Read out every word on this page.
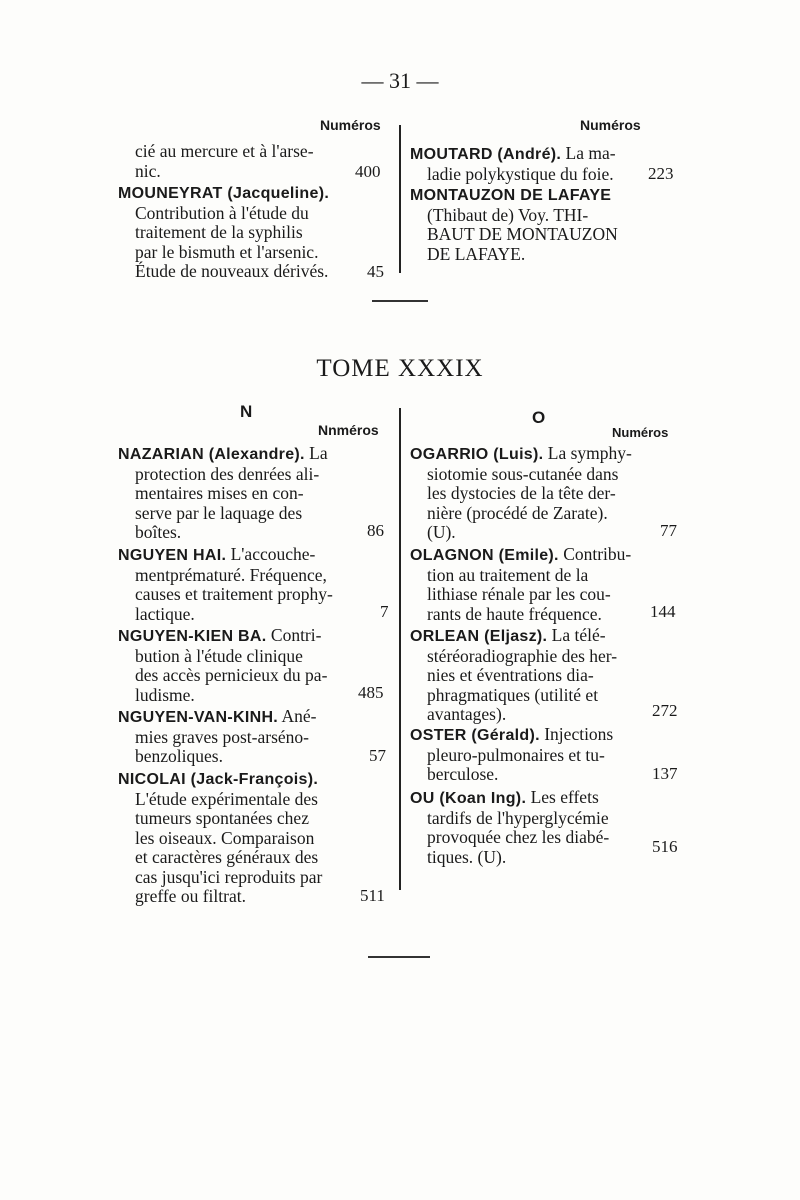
— 31 —
Numéros	Numéros
cié au mercure et à l'arse-
nic.	400
MOUNEYRAT (Jacqueline).
Contribution à l'étude du
traitement de la syphilis
par le bismuth et l'arsenic.
Étude de nouveaux dérivés. 45
MOUTARD (André). La ma-
ladie polykystique du foie. 223
MONTAUZON DE LAFAYE
(Thibaut de) Voy. THI-
BAUT DE MONTAUZON
DE LAFAYE.
TOME XXXIX
N
Nnméros
NAZARIAN (Alexandre). La
protection des denrées ali-
mentaires mises en con-
serve par le laquage des
boîtes.	86
NGUYEN HAI. L'accouche-
mentprématuré. Fréquence,
causes et traitement prophy-
lactique.	7
NGUYEN-KIEN BA. Contri-
bution à l'étude clinique
des accès pernicieux du pa-
ludisme.	485
NGUYEN-VAN-KINH. Ané-
mies graves post-arséno-
benzoliques.	57
NICOLAI (Jack-François).
L'étude expérimentale des
tumeurs spontanées chez
les oiseaux. Comparaison
et caractères généraux des
cas jusqu'ici reproduits par
greffe ou filtrat.	511
O
Numéros
OGARRIO (Luis). La symphy-
siotomie sous-cutanée dans
les dystocies de la tête der-
nière (procédé de Zarate).
(U).	77
OLAGNON (Emile). Contribu-
tion au traitement de la
lithiase rénale par les cou-
rants de haute fréquence.	144
ORLEAN (Eljasz). La télé-
stéréoradiographie des her-
nies et éventrations dia-
phragmatiques (utilité et
avantages).	272
OSTER (Gérald). Injections
pleuro-pulmonaires et tu-
berculose.	137
OU (Koan Ing). Les effets
tardifs de l'hyperglycémie
provoquée chez les diabé-
tiques. (U).	516
